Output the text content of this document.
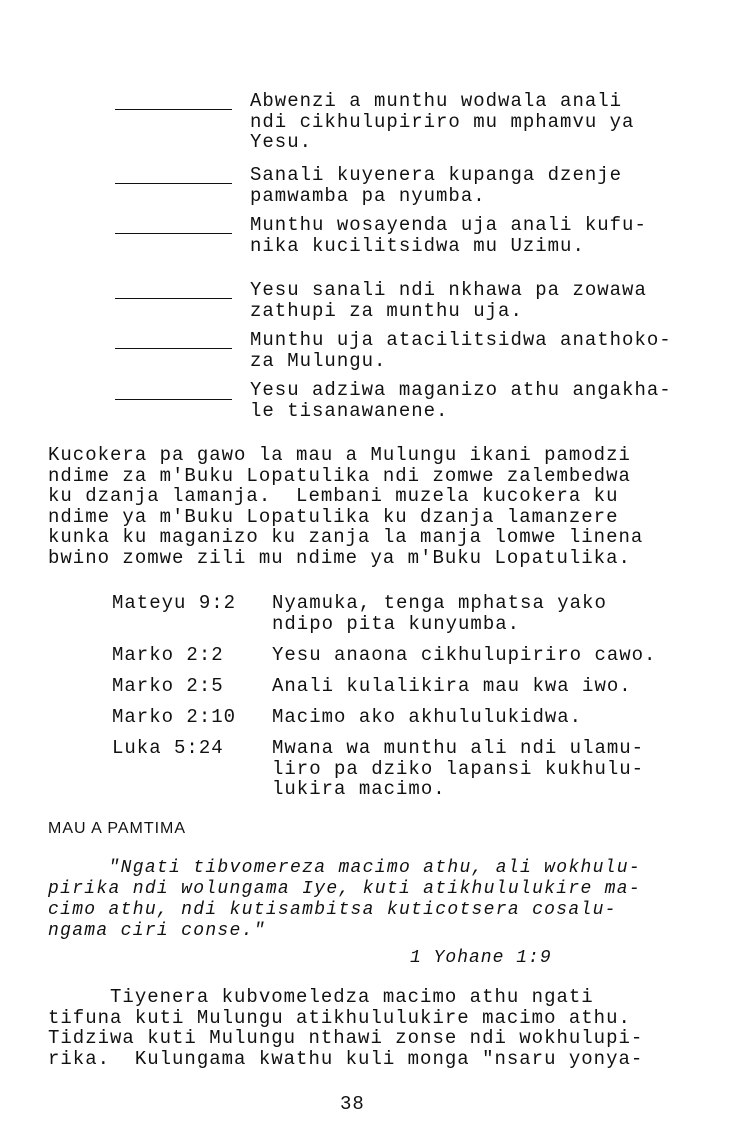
Abwenzi a munthu wodwala anali
ndi cikhulupiriro mu mphamvu ya
Yesu.
Sanali kuyenera kupanga dzenje
pamwamba pa nyumba.
Munthu wosayenda uja anali kufu-
nika kucilitsidwa mu Uzimu.
Yesu sanali ndi nkhawa pa zowawa
zathupi za munthu uja.
Munthu uja atacilitsidwa anathoko-
za Mulungu.
Yesu adziwa maganizo athu angakha-
le tisanawanene.
Kucokera pa gawo la mau a Mulungu ikani pamodzi
ndime za m'Buku Lopatulika ndi zomwe zalembedwa
ku dzanja lamanja.  Lembani muzela kucokera ku
ndime ya m'Buku Lopatulika ku dzanja lamanzere
kunka ku maganizo ku zanja la manja lomwe linena
bwino zomwe zili mu ndime ya m'Buku Lopatulika.
Mateyu 9:2 Nyamuka, tenga mphatsa yako
ndipo pita kunyumba.
Marko 2:2	Yesu anaona cikhulupiriro cawo.
Marko 2:5	Anali kulalikira mau kwa iwo.
Marko 2:10 Macimo ako akhululukidwa.
Luka 5:24	Mwana wa munthu ali ndi ulamu-
liro pa dziko lapansi kukhulu-
lukira macimo.
MAU A PAMTIMA
"Ngati tibvomereza macimo athu, ali wokhulu-
pirika ndi wolungama Iye, kuti atikhululukire ma-
cimo athu, ndi kutisambitsa kuticotsera cosalu-
ngama ciri conse."
1 Yohane 1:9
Tiyenera kubvomeledza macimo athu ngati
tifuna kuti Mulungu atikhululukire macimo athu.
Tidziwa kuti Mulungu nthawi zonse ndi wokhulupi-
rika.  Kulungama kwathu kuli monga "nsaru yonya-
38
